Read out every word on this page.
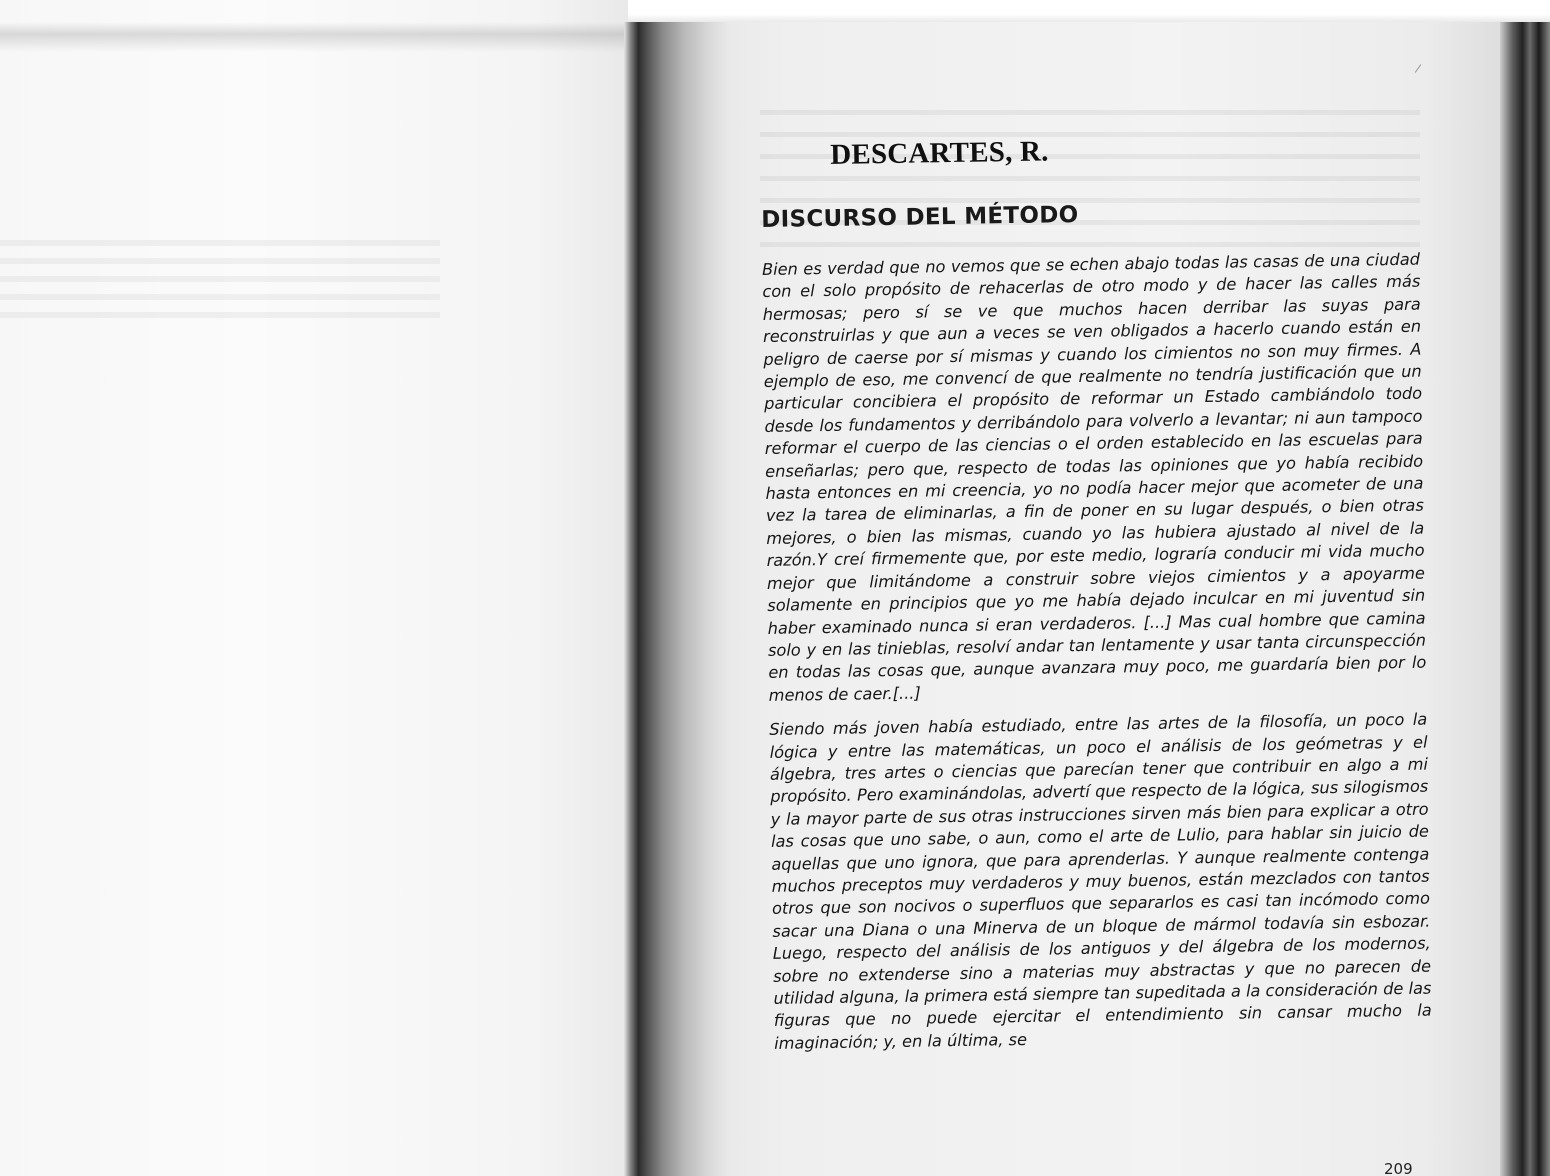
DESCARTES, R.
DISCURSO DEL MÉTODO

Bien es verdad que no vemos que se echen abajo todas las casas de una ciudad con el solo propósito de rehacerlas de otro modo y de hacer las calles más hermosas; pero sí se ve que muchos hacen derribar las suyas para reconstruirlas y que aun a veces se ven obligados a hacerlo cuando están en peligro de caerse por sí mismas y cuando los cimientos no son muy firmes. A ejemplo de eso, me convencí de que realmente no tendría justificación que un particular concibiera el propósito de reformar un Estado cambiándolo todo desde los fundamentos y derribándolo para volverlo a levantar; ni aun tampoco reformar el cuerpo de las ciencias o el orden establecido en las escuelas para enseñarlas; pero que, respecto de todas las opiniones que yo había recibido hasta entonces en mi creencia, yo no podía hacer mejor que acometer de una vez la tarea de eliminarlas, a fin de poner en su lugar después, o bien otras mejores, o bien las mismas, cuando yo las hubiera ajustado al nivel de la razón.Y creí firmemente que, por este medio, lograría conducir mi vida mucho mejor que limitándome a construir sobre viejos cimientos y a apoyarme solamente en principios que yo me había dejado inculcar en mi juventud sin haber examinado nunca si eran verdaderos. [...] Mas cual hombre que camina solo y en las tinieblas, resolví andar tan lentamente y usar tanta circunspección en todas las cosas que, aunque avanzara muy poco, me guardaría bien por lo menos de caer.[...]

Siendo más joven había estudiado, entre las artes de la filosofía, un poco la lógica y entre las matemáticas, un poco el análisis de los geómetras y el álgebra, tres artes o ciencias que parecían tener que contribuir en algo a mi propósito. Pero examinándolas, advertí que respecto de la lógica, sus silogismos y la mayor parte de sus otras instrucciones sirven más bien para explicar a otro las cosas que uno sabe, o aun, como el arte de Lulio, para hablar sin juicio de aquellas que uno ignora, que para aprenderlas. Y aunque realmente contenga muchos preceptos muy verdaderos y muy buenos, están mezclados con tantos otros que son nocivos o superfluos que separarlos es casi tan incómodo como sacar una Diana o una Minerva de un bloque de mármol todavía sin esbozar. Luego, respecto del análisis de los antiguos y del álgebra de los modernos, sobre no extenderse sino a materias muy abstractas y que no parecen de utilidad alguna, la primera está siempre tan supeditada a la consideración de las figuras que no puede ejercitar el entendimiento sin cansar mucho la imaginación; y, en la última, se

209
